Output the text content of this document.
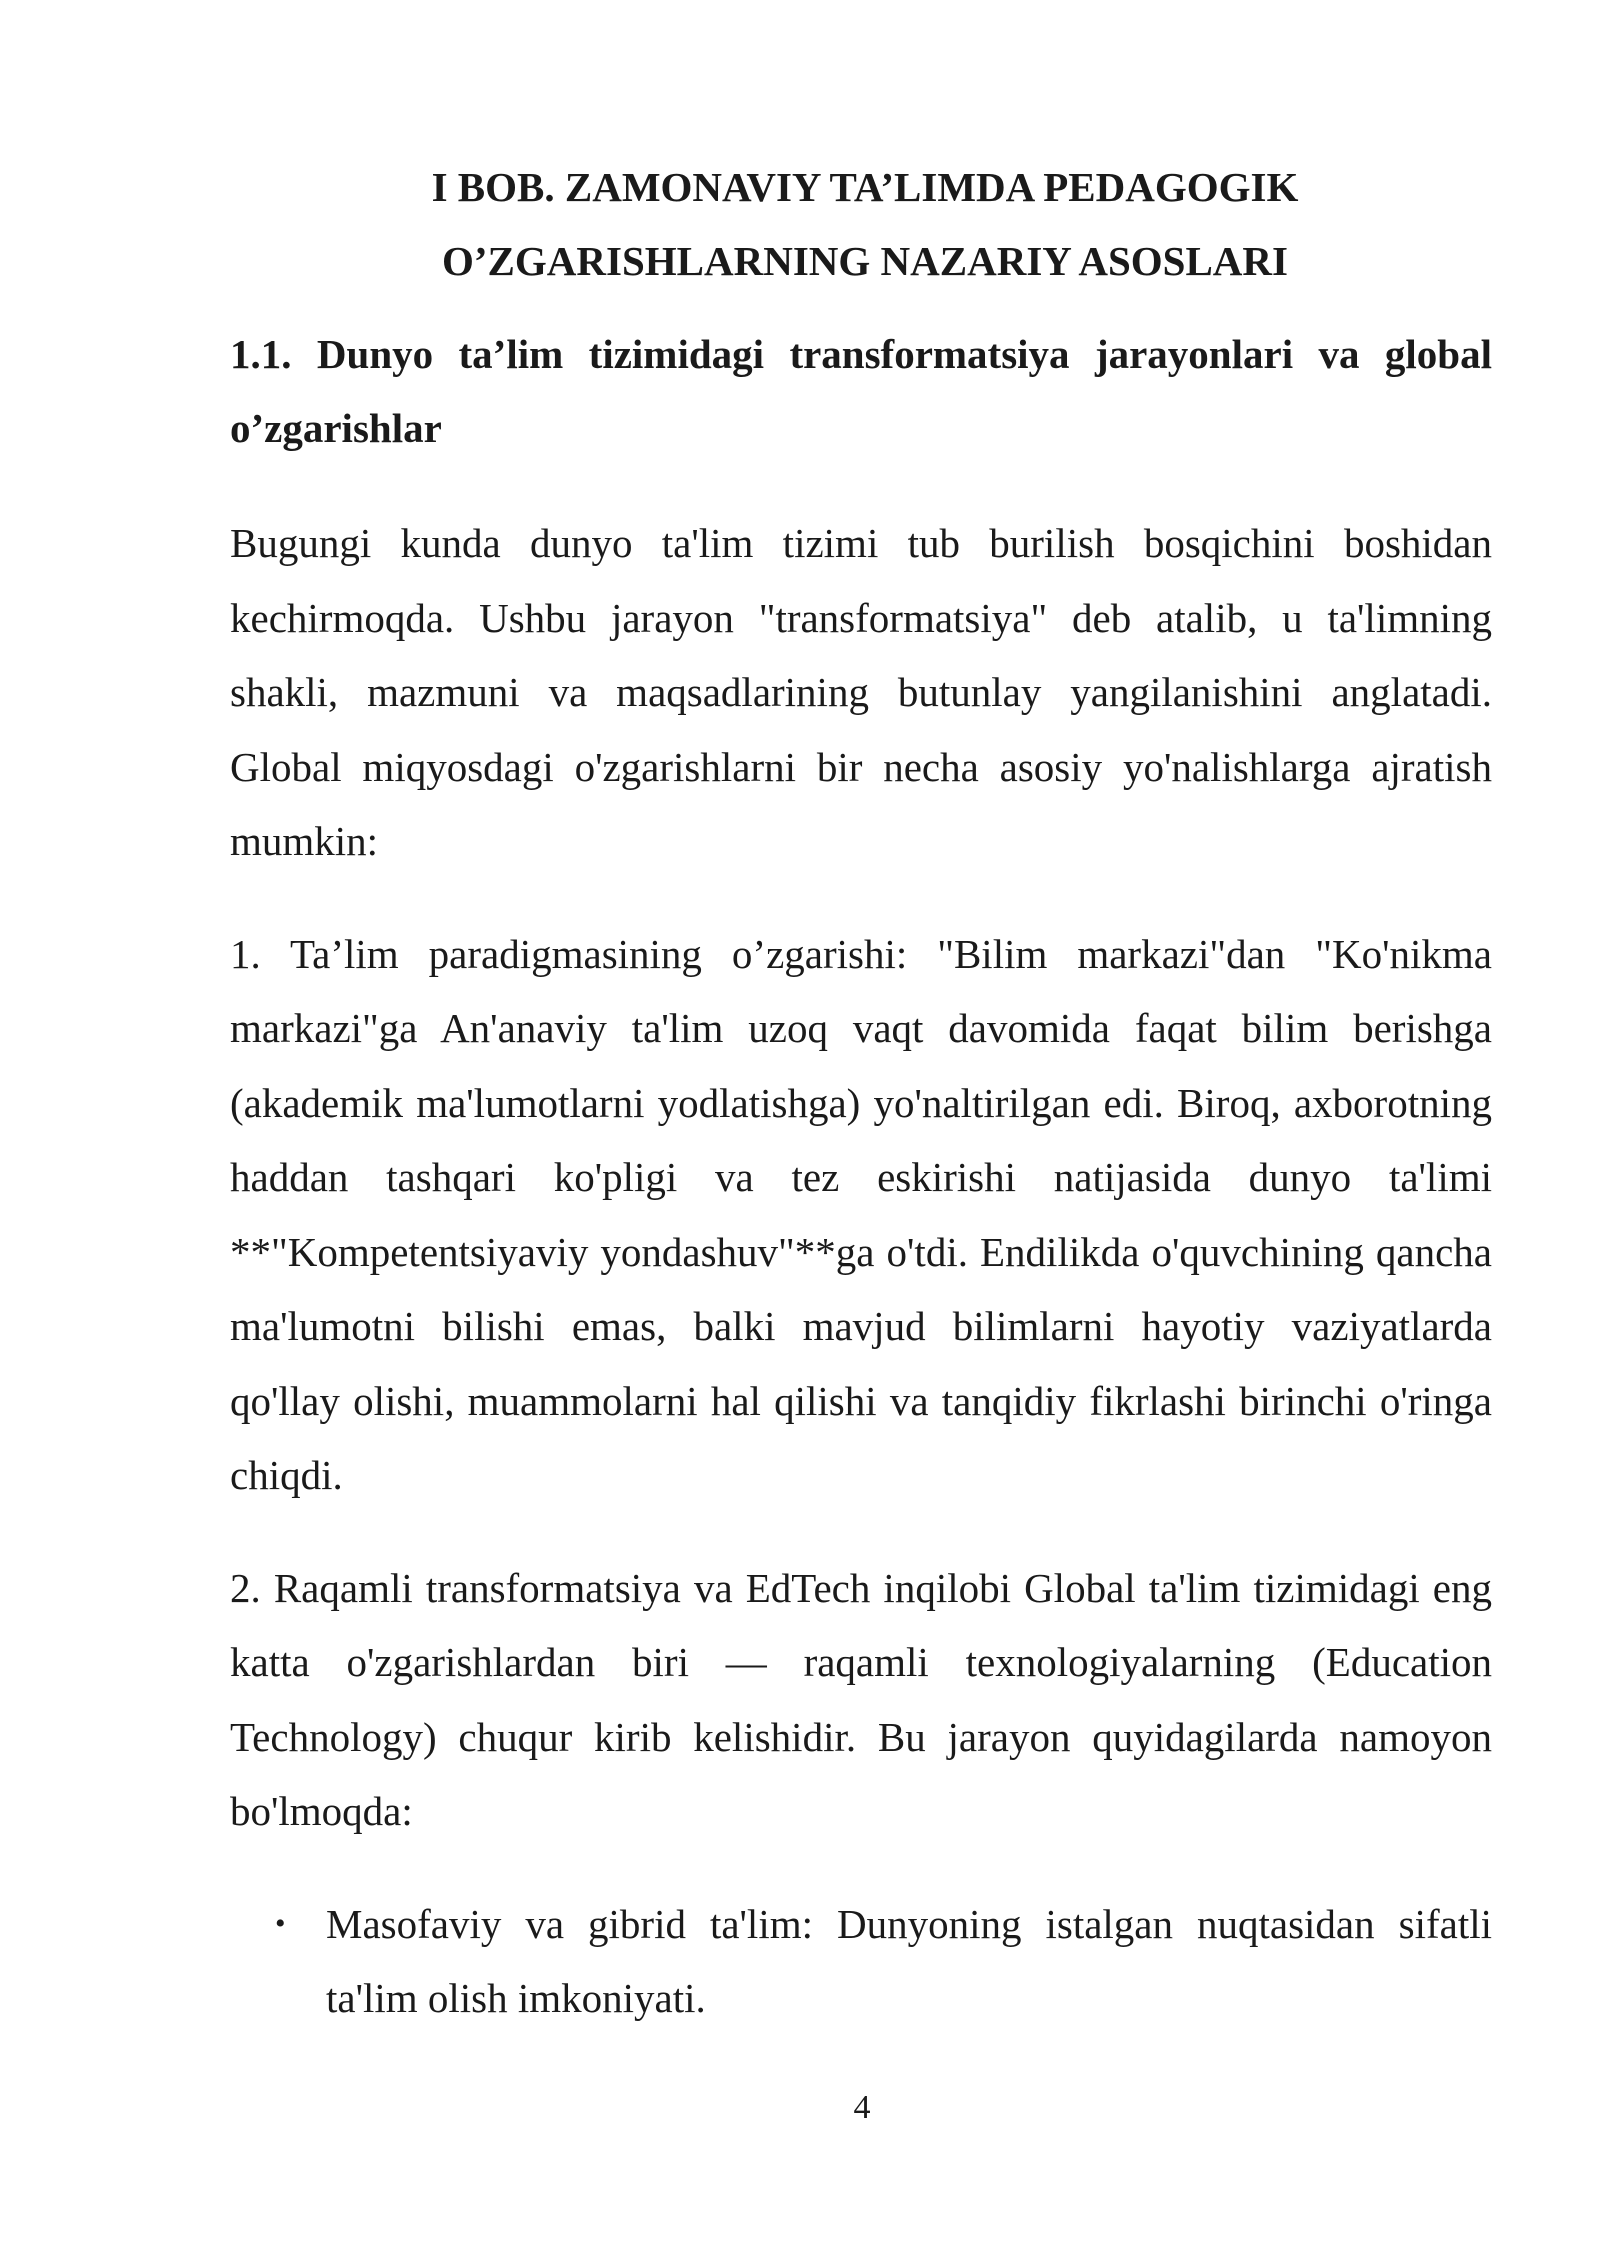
I BOB. ZAMONAVIY TA’LIMDA PEDAGOGIK
O’ZGARISHLARNING NAZARIY ASOSLARI
1.1. Dunyo ta’lim tizimidagi transformatsiya jarayonlari va global o’zgarishlar

Bugungi kunda dunyo ta'lim tizimi tub burilish bosqichini boshidan kechirmoqda. Ushbu jarayon "transformatsiya" deb atalib, u ta'limning shakli, mazmuni va maqsadlarining butunlay yangilanishini anglatadi. Global miqyosdagi o'zgarishlarni bir necha asosiy yo'nalishlarga ajratish mumkin:

1. Ta’lim paradigmasining o’zgarishi: "Bilim markazi"dan "Ko'nikma markazi"ga An'anaviy ta'lim uzoq vaqt davomida faqat bilim berishga (akademik ma'lumotlarni yodlatishga) yo'naltirilgan edi. Biroq, axborotning haddan tashqari ko'pligi va tez eskirishi natijasida dunyo ta'limi **"Kompetentsiyaviy yondashuv"**ga o'tdi. Endilikda o'quvchining qancha ma'lumotni bilishi emas, balki mavjud bilimlarni hayotiy vaziyatlarda qo'llay olishi, muammolarni hal qilishi va tanqidiy fikrlashi birinchi o'ringa chiqdi.

2. Raqamli transformatsiya va EdTech inqilobi Global ta'lim tizimidagi eng katta o'zgarishlardan biri — raqamli texnologiyalarning (Education Technology) chuqur kirib kelishidir. Bu jarayon quyidagilarda namoyon bo'lmoqda:

• Masofaviy va gibrid ta'lim: Dunyoning istalgan nuqtasidan sifatli ta'lim olish imkoniyati.
4
